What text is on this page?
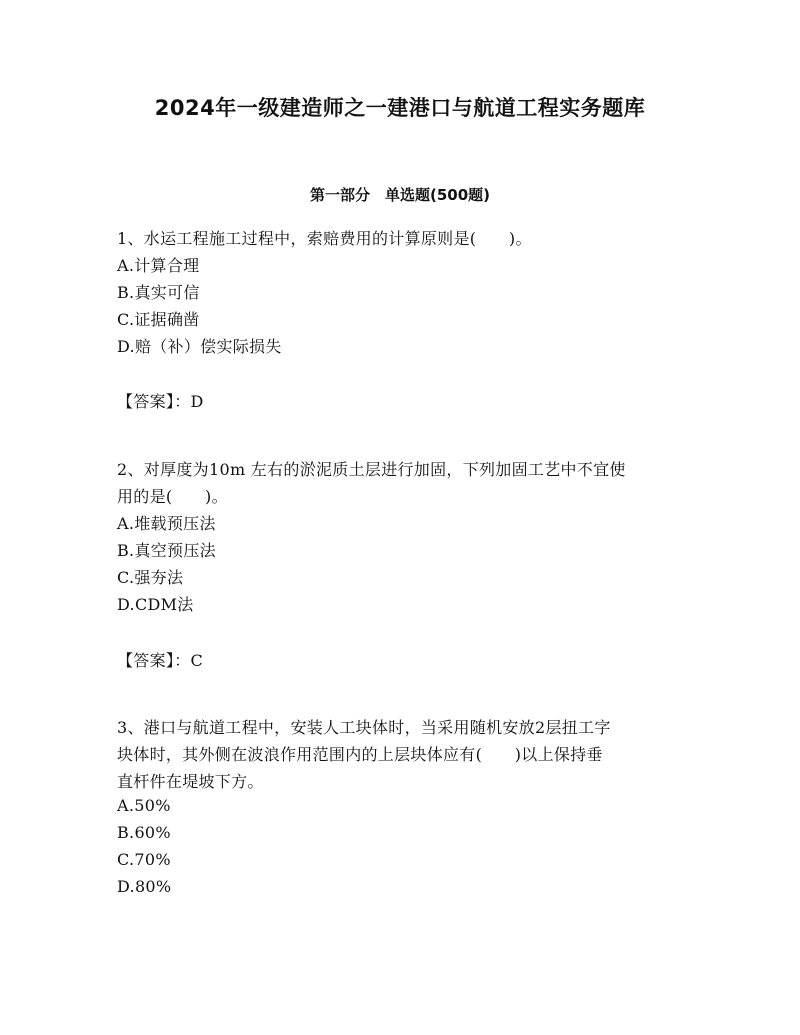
2024年一级建造师之一建港口与航道工程实务题库
第一部分　单选题(500题)
1、水运工程施工过程中，索赔费用的计算原则是(　　)。
A.计算合理
B.真实可信
C.证据确凿
D.赔（补）偿实际损失
【答案】：D
2、对厚度为10m 左右的淤泥质土层进行加固，下列加固工艺中不宜使
用的是(　　)。
A.堆载预压法
B.真空预压法
C.强夯法
D.CDM法
【答案】：C
3、港口与航道工程中，安装人工块体时，当采用随机安放2层扭工字
块体时，其外侧在波浪作用范围内的上层块体应有(　　)以上保持垂
直杆件在堤坡下方。
A.50%
B.60%
C.70%
D.80%
